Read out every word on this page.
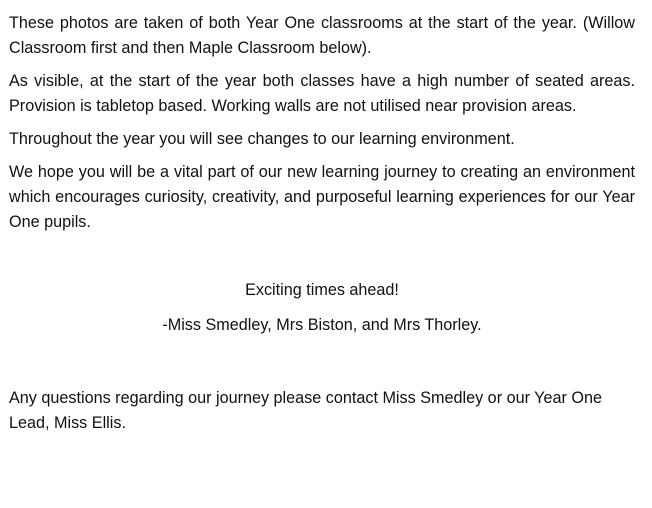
These photos are taken of both Year One classrooms at the start of the year. (Willow Classroom first and then Maple Classroom below).

As visible, at the start of the year both classes have a high number of seated areas. Provision is tabletop based. Working walls are not utilised near provision areas.

Throughout the year you will see changes to our learning environment.

We hope you will be a vital part of our new learning journey to creating an environment which encourages curiosity, creativity, and purposeful learning experiences for our Year One pupils.

Exciting times ahead!

-Miss Smedley, Mrs Biston, and Mrs Thorley.

Any questions regarding our journey please contact Miss Smedley or our Year One Lead, Miss Ellis.
